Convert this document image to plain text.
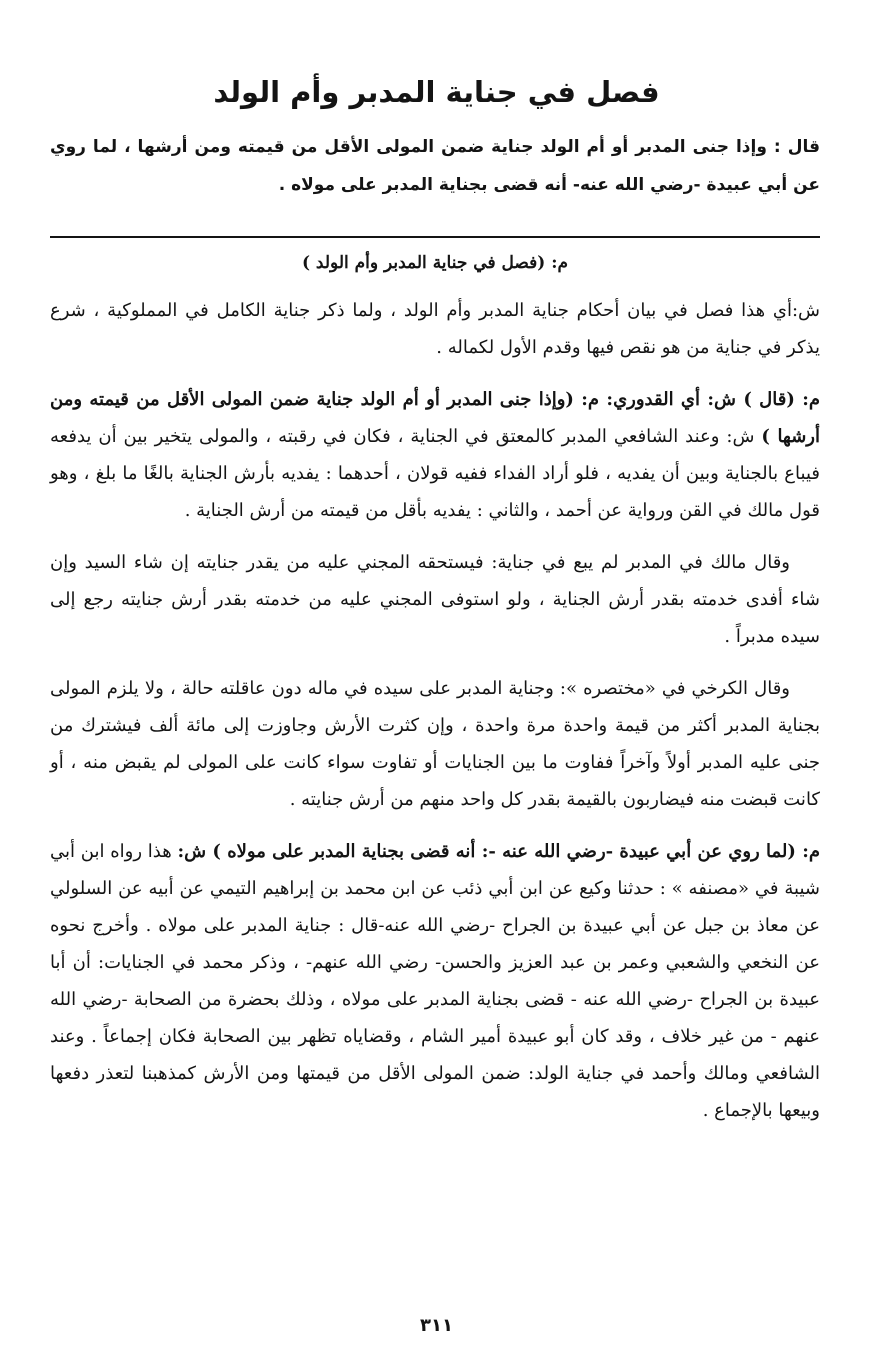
فصل في جناية المدبر وأم الولد
قال : وإذا جنى المدبر أو أم الولد جناية ضمن المولى الأقل من قيمته ومن أرشها ، لما روي عن أبي عبيدة -رضي الله عنه- أنه قضى بجناية المدبر على مولاه .

م: (فصل في جناية المدبر وأم الولد )

ش:أي هذا فصل في بيان أحكام جناية المدبر وأم الولد ، ولما ذكر جناية الكامل في المملوكية ، شرع يذكر في جناية من هو نقص فيها وقدم الأول لكماله .

م: (قال ) ش: أي القدوري: م: (وإذا جنى المدبر أو أم الولد جناية ضمن المولى الأقل من قيمته ومن أرشها ) ش: وعند الشافعي المدبر كالمعتق في الجناية ، فكان في رقبته ، والمولى يتخير بين أن يدفعه فيباع بالجناية وبين أن يفديه ، فلو أراد الفداء ففيه قولان ، أحدهما : يفديه بأرش الجناية بالغًا ما بلغ ، وهو قول مالك في القن ورواية عن أحمد ، والثاني : يفديه بأقل من قيمته من أرش الجناية .

وقال مالك في المدبر لم يبع في جناية: فيستحقه المجني عليه من يقدر جنايته إن شاء السيد وإن شاء أفدى خدمته بقدر أرش الجناية ، ولو استوفى المجني عليه من خدمته بقدر أرش جنايته رجع إلى سيده مدبراً .

وقال الكرخي في «مختصره »: وجناية المدبر على سيده في ماله دون عاقلته حالة ، ولا يلزم المولى بجناية المدبر أكثر من قيمة واحدة مرة واحدة ، وإن كثرت الأرش وجاوزت إلى مائة ألف فيشترك من جنى عليه المدبر أولاً وآخراً ففاوت ما بين الجنايات أو تفاوت سواء كانت على المولى لم يقبض منه ، أو كانت قبضت منه فيضاربون بالقيمة بقدر كل واحد منهم من أرش جنايته .

م: (لما روي عن أبي عبيدة -رضي الله عنه -: أنه قضى بجناية المدبر على مولاه ) ش: هذا رواه ابن أبي شيبة في «مصنفه » : حدثنا وكيع عن ابن أبي ذئب عن ابن محمد بن إبراهيم التيمي عن أبيه عن السلولي عن معاذ بن جبل عن أبي عبيدة بن الجراح -رضي الله عنه-قال : جناية المدبر على مولاه . وأخرج نحوه عن النخعي والشعبي وعمر بن عبد العزيز والحسن- رضي الله عنهم- ، وذكر محمد في الجنايات: أن أبا عبيدة بن الجراح -رضي الله عنه - قضى بجناية المدبر على مولاه ، وذلك بحضرة من الصحابة -رضي الله عنهم - من غير خلاف ، وقد كان أبو عبيدة أمير الشام ، وقضاياه تظهر بين الصحابة فكان إجماعاً . وعند الشافعي ومالك وأحمد في جناية الولد: ضمن المولى الأقل من قيمتها ومن الأرش كمذهبنا لتعذر دفعها وبيعها بالإجماع .

٣١١
